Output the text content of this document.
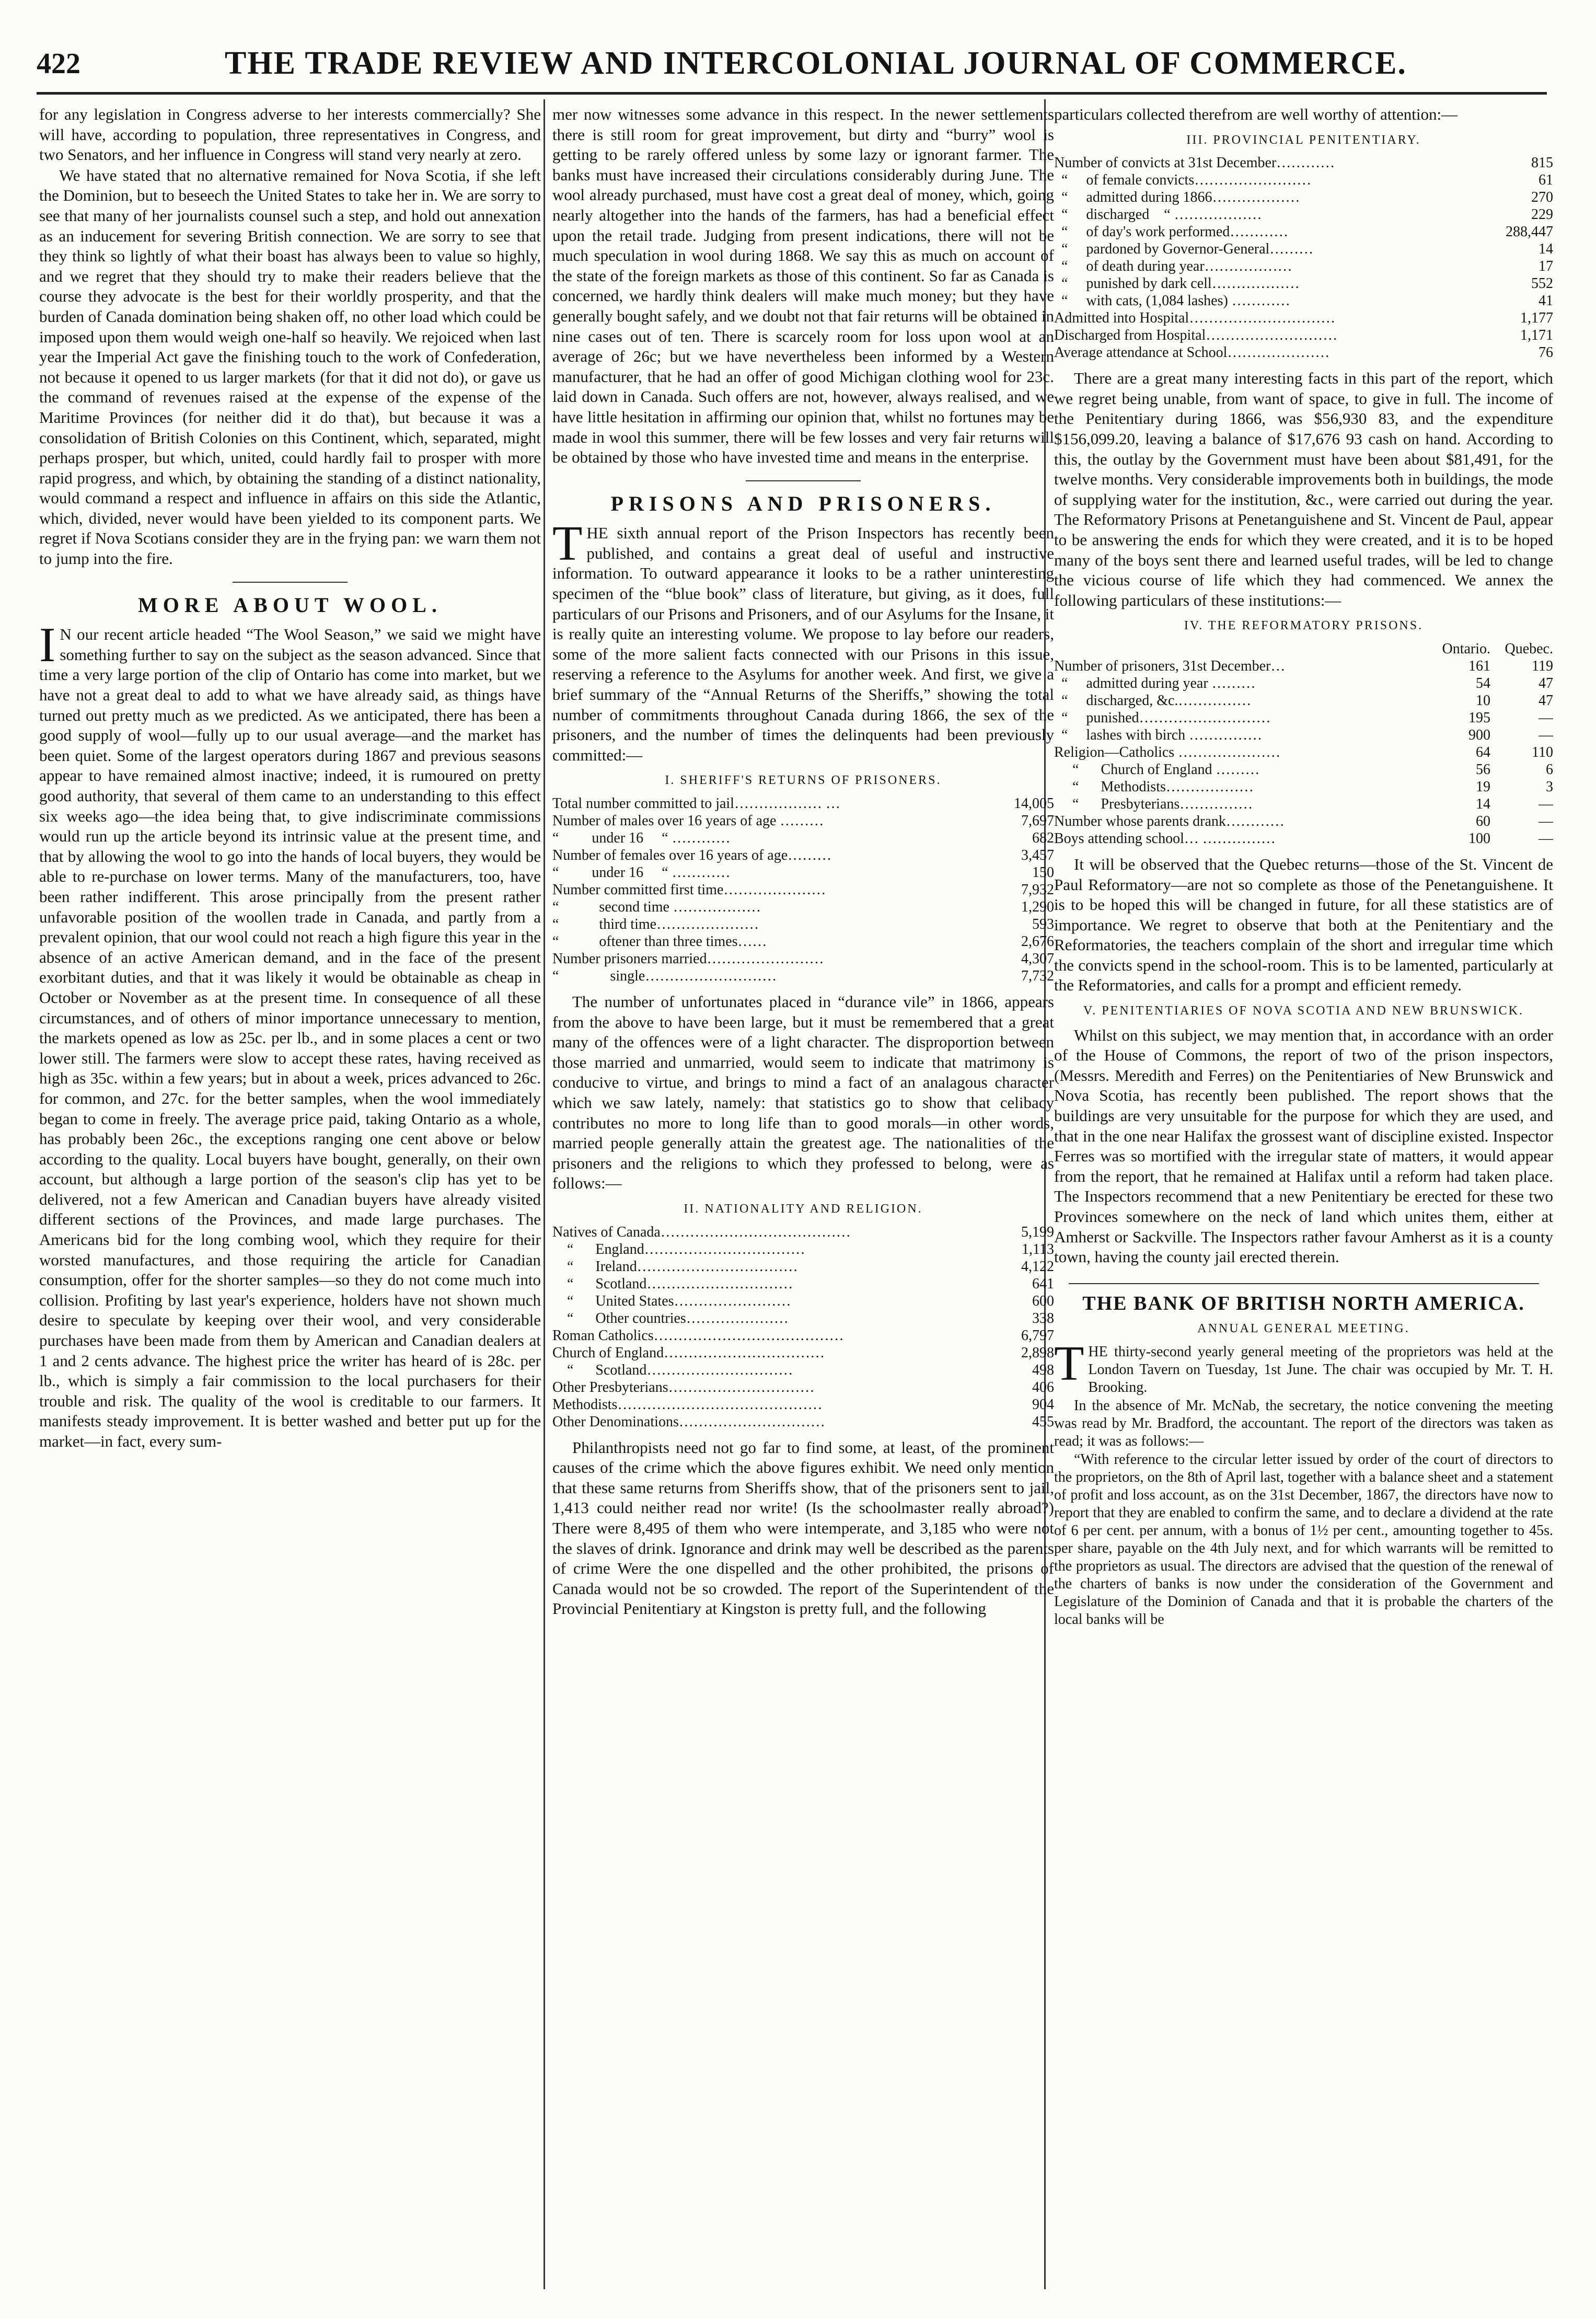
422	THE TRADE REVIEW AND INTERCOLONIAL JOURNAL OF COMMERCE.

for any legislation in Congress adverse to her interests commercially? She will have, according to population, three representatives in Congress, and two Senators, and her influence in Congress will stand very nearly at zero.

We have stated that no alternative remained for Nova Scotia, if she left the Dominion, but to beseech the United States to take her in. We are sorry to see that many of her journalists counsel such a step, and hold out annexation as an inducement for severing British connection. We are sorry to see that they think so lightly of what their boast has always been to value so highly, and we regret that they should try to make their readers believe that the course they advocate is the best for their worldly prosperity, and that the burden of Canada domination being shaken off, no other load which could be imposed upon them would weigh one-half so heavily. We rejoiced when last year the Imperial Act gave the finishing touch to the work of Confederation, not because it opened to us larger markets (for that it did not do), or gave us the command of revenues raised at the expense of the expense of the Maritime Provinces (for neither did it do that), but because it was a consolidation of British Colonies on this Continent, which, separated, might perhaps prosper, but which, united, could hardly fail to prosper with more rapid progress, and which, by obtaining the standing of a distinct nationality, would command a respect and influence in affairs on this side the Atlantic, which, divided, never would have been yielded to its component parts. We regret if Nova Scotians consider they are in the frying pan: we warn them not to jump into the fire.

MORE ABOUT WOOL.

I N our recent article headed “The Wool Season,” we said we might have something further to say on the subject as the season advanced. Since that time a very large portion of the clip of Ontario has come into market, but we have not a great deal to add to what we have already said, as things have turned out pretty much as we predicted. As we anticipated, there has been a good supply of wool—fully up to our usual average—and the market has been quiet. Some of the largest operators during 1867 and previous seasons appear to have remained almost inactive; indeed, it is rumoured on pretty good authority, that several of them came to an understanding to this effect six weeks ago—the idea being that, to give indiscriminate commissions would run up the article beyond its intrinsic value at the present time, and that by allowing the wool to go into the hands of local buyers, they would be able to re-purchase on lower terms. Many of the manufacturers, too, have been rather indifferent. This arose principally from the present rather unfavorable position of the woollen trade in Canada, and partly from a prevalent opinion, that our wool could not reach a high figure this year in the absence of an active American demand, and in the face of the present exorbitant duties, and that it was likely it would be obtainable as cheap in October or November as at the present time. In consequence of all these circumstances, and of others of minor importance unnecessary to mention, the markets opened as low as 25c. per lb., and in some places a cent or two lower still. The farmers were slow to accept these rates, having received as high as 35c. within a few years; but in about a week, prices advanced to 26c. for common, and 27c. for the better samples, when the wool immediately began to come in freely. The average price paid, taking Ontario as a whole, has probably been 26c., the exceptions ranging one cent above or below according to the quality. Local buyers have bought, generally, on their own account, but although a large portion of the season's clip has yet to be delivered, not a few American and Canadian buyers have already visited different sections of the Provinces, and made large purchases. The Americans bid for the long combing wool, which they require for their worsted manufactures, and those requiring the article for Canadian consumption, offer for the shorter samples—so they do not come much into collision. Profiting by last year's experience, holders have not shown much desire to speculate by keeping over their wool, and very considerable purchases have been made from them by American and Canadian dealers at 1 and 2 cents advance. The highest price the writer has heard of is 28c. per lb., which is simply a fair commission to the local purchasers for their trouble and risk. The quality of the wool is creditable to our farmers. It manifests steady improvement. It is better washed and better put up for the market—in fact, every sum-

mer now witnesses some advance in this respect. In the newer settlements there is still room for great improvement, but dirty and “burry” wool is getting to be rarely offered unless by some lazy or ignorant farmer. The banks must have increased their circulations considerably during June. The wool already purchased, must have cost a great deal of money, which, going nearly altogether into the hands of the farmers, has had a beneficial effect upon the retail trade. Judging from present indications, there will not be much speculation in wool during 1868. We say this as much on account of the state of the foreign markets as those of this continent. So far as Canada is concerned, we hardly think dealers will make much money; but they have generally bought safely, and we doubt not that fair returns will be obtained in nine cases out of ten. There is scarcely room for loss upon wool at an average of 26c; but we have nevertheless been informed by a Western manufacturer, that he had an offer of good Michigan clothing wool for 23c. laid down in Canada. Such offers are not, however, always realised, and we have little hesitation in affirming our opinion that, whilst no fortunes may be made in wool this summer, there will be few losses and very fair returns will be obtained by those who have invested time and means in the enterprise.

PRISONS AND PRISONERS.

THE sixth annual report of the Prison Inspectors has recently been published, and contains a great deal of useful and instructive information. To outward appearance it looks to be a rather uninteresting specimen of the “blue book” class of literature, but giving, as it does, full particulars of our Prisons and Prisoners, and of our Asylums for the Insane, it is really quite an interesting volume. We propose to lay before our readers, some of the more salient facts connected with our Prisons in this issue, reserving a reference to the Asylums for another week. And first, we give a brief summary of the “Annual Returns of the Sheriffs,” showing the total number of commitments throughout Canada during 1866, the sex of the prisoners, and the number of times the delinquents had been previously committed:—

I. SHERIFF'S RETURNS OF PRISONERS.
Total number committed to jail……………… …	14,005
Number of males over 16 years of age ………	7,697
“         under 16     “ …………	682
Number of females over 16 years of age………	3,457
“         under 16     “ …………	150
Number committed first time…………………	7,932
“           second time ………………	1,290
“           third time…………………	593
“           oftener than three times……	2,676
Number prisoners married……………………	4,307
“              single………………………	7,732

The number of unfortunates placed in “durance vile” in 1866, appears from the above to have been large, but it must be remembered that a great many of the offences were of a light character. The disproportion between those married and unmarried, would seem to indicate that matrimony is conducive to virtue, and brings to mind a fact of an analagous character which we saw lately, namely: that statistics go to show that celibacy contributes no more to long life than to good morals—in other words, married people generally attain the greatest age. The nationalities of the prisoners and the religions to which they professed to belong, were as follows:—

II. NATIONALITY AND RELIGION.
Natives of Canada…………………………………	5,199
“      England……………………………	1,113
“      Ireland……………………………	4,122
“      Scotland…………………………	641
“      United States……………………	600
“      Other countries…………………	338
Roman Catholics…………………………………	6,797
Church of England……………………………	2,898
“      Scotland…………………………	498
Other Presbyterians…………………………	406
Methodists……………………………………	904
Other Denominations…………………………	455

Philanthropists need not go far to find some, at least, of the prominent causes of the crime which the above figures exhibit. We need only mention that these same returns from Sheriffs show, that of the prisoners sent to jail, 1,413 could neither read nor write! (Is the schoolmaster really abroad?) There were 8,495 of them who were intemperate, and 3,185 who were not the slaves of drink. Ignorance and drink may well be described as the parents of crime Were the one dispelled and the other prohibited, the prisons of Canada would not be so crowded. The report of the Superintendent of the Provincial Penitentiary at Kingston is pretty full, and the following

particulars collected therefrom are well worthy of attention:—

III. PROVINCIAL PENITENTIARY.
Number of convicts at 31st December…………	815
“     of female convicts……………………	61
“     admitted during 1866………………	270
“     discharged    “ ………………	229
“     of day's work performed…………	288,447
“     pardoned by Governor-General………	14
“     of death during year………………	17
“     punished by dark cell………………	552
“     with cats, (1,084 lashes) …………	41
Admitted into Hospital…………………………	1,177
Discharged from Hospital………………………	1,171
Average attendance at School…………………	76

There are a great many interesting facts in this part of the report, which we regret being unable, from want of space, to give in full. The income of the Penitentiary during 1866, was $56,930 83, and the expenditure $156,099.20, leaving a balance of $17,676 93 cash on hand. According to this, the outlay by the Government must have been about $81,491, for the twelve months. Very considerable improvements both in buildings, the mode of supplying water for the institution, &c., were carried out during the year. The Reformatory Prisons at Penetanguishene and St. Vincent de Paul, appear to be answering the ends for which they were created, and it is to be hoped many of the boys sent there and learned useful trades, will be led to change the vicious course of life which they had commenced. We annex the following particulars of these institutions:—

IV. THE REFORMATORY PRISONS.
	Ontario.	Quebec.
Number of prisoners, 31st December…	161	119
“     admitted during year ………	54	47
“     discharged, &c.……………	10	47
“     punished………………………	195	—
“     lashes with birch ……………	900	—
Religion—Catholics …………………	64	110
“      Church of England ………	56	6
“      Methodists………………	19	3
“      Presbyterians……………	14	—
Number whose parents drank…………	60	—
Boys attending school… ……………	100	—

It will be observed that the Quebec returns—those of the St. Vincent de Paul Reformatory—are not so complete as those of the Penetanguishene. It is to be hoped this will be changed in future, for all these statistics are of importance. We regret to observe that both at the Penitentiary and the Reformatories, the teachers complain of the short and irregular time which the convicts spend in the school-room. This is to be lamented, particularly at the Reformatories, and calls for a prompt and efficient remedy.

V. PENITENTIARIES OF NOVA SCOTIA AND NEW BRUNSWICK.

Whilst on this subject, we may mention that, in accordance with an order of the House of Commons, the report of two of the prison inspectors, (Messrs. Meredith and Ferres) on the Penitentiaries of New Brunswick and Nova Scotia, has recently been published. The report shows that the buildings are very unsuitable for the purpose for which they are used, and that in the one near Halifax the grossest want of discipline existed. Inspector Ferres was so mortified with the irregular state of matters, it would appear from the report, that he remained at Halifax until a reform had taken place. The Inspectors recommend that a new Penitentiary be erected for these two Provinces somewhere on the neck of land which unites them, either at Amherst or Sackville. The Inspectors rather favour Amherst as it is a county town, having the county jail erected therein.

THE BANK OF BRITISH NORTH AMERICA.
ANNUAL GENERAL MEETING.

THE thirty-second yearly general meeting of the proprietors was held at the London Tavern on Tuesday, 1st June. The chair was occupied by Mr. T. H. Brooking.

In the absence of Mr. McNab, the secretary, the notice convening the meeting was read by Mr. Bradford, the accountant. The report of the directors was taken as read; it was as follows:—

“With reference to the circular letter issued by order of the court of directors to the proprietors, on the 8th of April last, together with a balance sheet and a statement of profit and loss account, as on the 31st December, 1867, the directors have now to report that they are enabled to confirm the same, and to declare a dividend at the rate of 6 per cent. per annum, with a bonus of 1½ per cent., amounting together to 45s. per share, payable on the 4th July next, and for which warrants will be remitted to the proprietors as usual. The directors are advised that the question of the renewal of the charters of banks is now under the consideration of the Government and Legislature of the Dominion of Canada and that it is probable the charters of the local banks will be
